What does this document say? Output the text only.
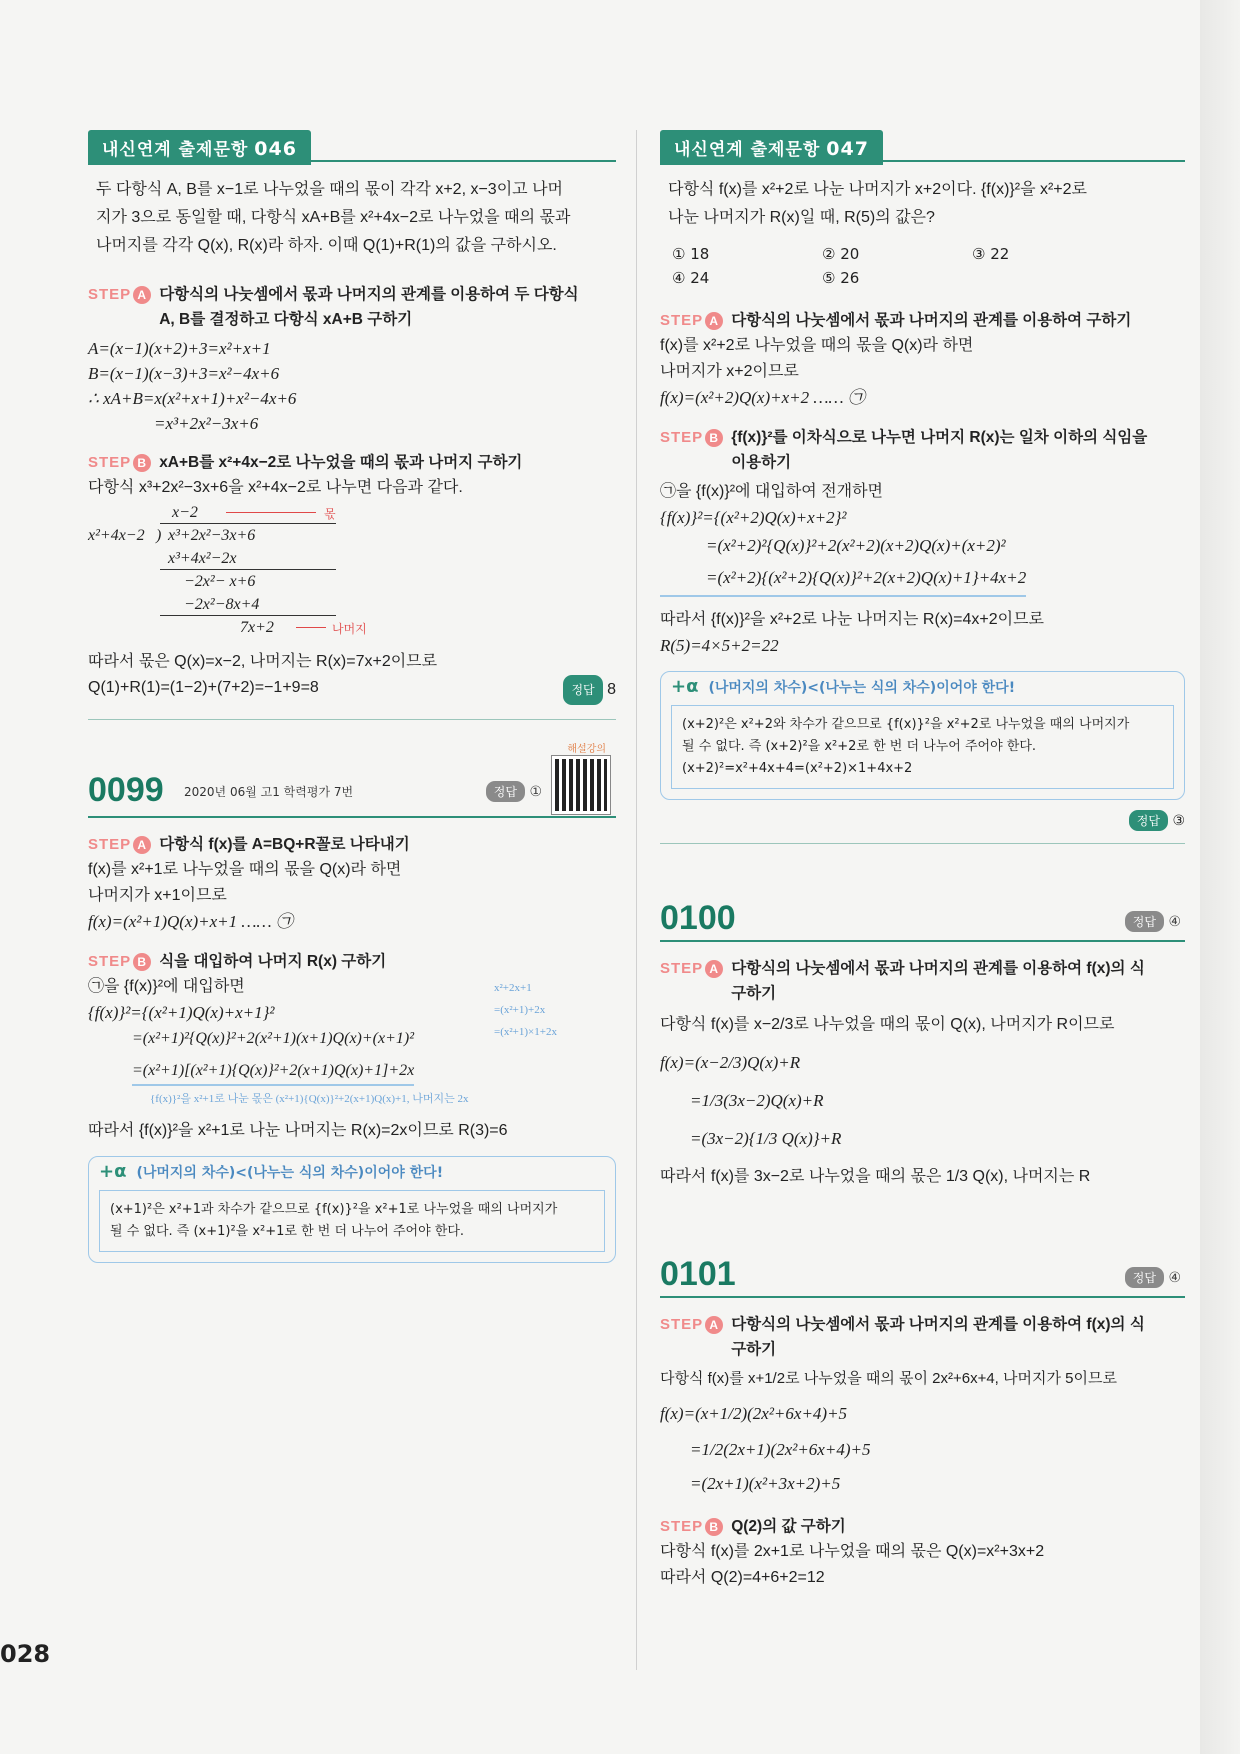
028
내신연계 출제문항 046
두 다항식 A, B를 x−1로 나누었을 때의 몫이 각각 x+2, x−3이고 나머
지가 3으로 동일할 때, 다항식 xA+B를 x²+4x−2로 나누었을 때의 몫과
나머지를 각각 Q(x), R(x)라 하자. 이때 Q(1)+R(1)의 값을 구하시오.
STEP A 다항식의 나눗셈에서 몫과 나머지의 관계를 이용하여 두 다항식
A, B를 결정하고 다항식 xA+B 구하기
A=(x−1)(x+2)+3=x²+x+1
B=(x−1)(x−3)+3=x²−4x+6
∴ xA+B=x(x²+x+1)+x²−4x+6
=x³+2x²−3x+6
STEP B xA+B를 x²+4x−2로 나누었을 때의 몫과 나머지 구하기
다항식 x³+2x²−3x+6을 x²+4x−2로 나누면 다음과 같다.
x−2	몫
x²+4x−2 ) x³+2x²−3x+6
x³+4x²−2x
−2x²− x+6
−2x²−8x+4
7x+2	나머지
따라서 몫은 Q(x)=x−2, 나머지는 R(x)=7x+2이므로
Q(1)+R(1)=(1−2)+(7+2)=−1+9=8	정답 8
0099 2020년 06월 고1 학력평가 7번	정답 ①
해설강의
STEP A 다항식 f(x)를 A=BQ+R꼴로 나타내기
f(x)를 x²+1로 나누었을 때의 몫을 Q(x)라 하면
나머지가 x+1이므로
f(x)=(x²+1)Q(x)+x+1 …… ㉠
STEP B 식을 대입하여 나머지 R(x) 구하기
㉠을 {f(x)}²에 대입하면
{f(x)}²={(x²+1)Q(x)+x+1}²
=(x²+1)²{Q(x)}²+2(x²+1)(x+1)Q(x)+(x+1)²
=(x²+1)[(x²+1){Q(x)}²+2(x+1)Q(x)+1]+2x
x²+2x+1
=(x²+1)+2x
=(x²+1)×1+2x
{f(x)}²을 x²+1로 나눈 몫은 (x²+1){Q(x)}²+2(x+1)Q(x)+1, 나머지는 2x
따라서 {f(x)}²을 x²+1로 나눈 나머지는 R(x)=2x이므로 R(3)=6
+α (나머지의 차수)<(나누는 식의 차수)이어야 한다!
(x+1)²은 x²+1과 차수가 같으므로 {f(x)}²을 x²+1로 나누었을 때의 나머지가
될 수 없다. 즉 (x+1)²을 x²+1로 한 번 더 나누어 주어야 한다.
내신연계 출제문항 047
다항식 f(x)를 x²+2로 나눈 나머지가 x+2이다. {f(x)}²을 x²+2로
나눈 나머지가 R(x)일 때, R(5)의 값은?
① 18	② 20	③ 22
④ 24	⑤ 26
STEP A 다항식의 나눗셈에서 몫과 나머지의 관계를 이용하여 구하기
f(x)를 x²+2로 나누었을 때의 몫을 Q(x)라 하면
나머지가 x+2이므로
f(x)=(x²+2)Q(x)+x+2 …… ㉠
STEP B {f(x)}²를 이차식으로 나누면 나머지 R(x)는 일차 이하의 식임을
이용하기
㉠을 {f(x)}²에 대입하여 전개하면
{f(x)}²={(x²+2)Q(x)+x+2}²
=(x²+2)²{Q(x)}²+2(x²+2)(x+2)Q(x)+(x+2)²
=(x²+2){(x²+2){Q(x)}²+2(x+2)Q(x)+1}+4x+2
따라서 {f(x)}²을 x²+2로 나눈 나머지는 R(x)=4x+2이므로
R(5)=4×5+2=22
+α (나머지의 차수)<(나누는 식의 차수)이어야 한다!
(x+2)²은 x²+2와 차수가 같으므로 {f(x)}²을 x²+2로 나누었을 때의 나머지가
될 수 없다. 즉 (x+2)²을 x²+2로 한 번 더 나누어 주어야 한다.
(x+2)²=x²+4x+4=(x²+2)×1+4x+2
정답 ③
0100	정답 ④
STEP A 다항식의 나눗셈에서 몫과 나머지의 관계를 이용하여 f(x)의 식
구하기
다항식 f(x)를 x−2/3로 나누었을 때의 몫이 Q(x), 나머지가 R이므로
f(x)=(x−2/3)Q(x)+R
=1/3(3x−2)Q(x)+R
=(3x−2){1/3 Q(x)}+R
따라서 f(x)를 3x−2로 나누었을 때의 몫은 1/3 Q(x), 나머지는 R
0101	정답 ④
STEP A 다항식의 나눗셈에서 몫과 나머지의 관계를 이용하여 f(x)의 식
구하기
다항식 f(x)를 x+1/2로 나누었을 때의 몫이 2x²+6x+4, 나머지가 5이므로
f(x)=(x+1/2)(2x²+6x+4)+5
=1/2(2x+1)(2x²+6x+4)+5
=(2x+1)(x²+3x+2)+5
STEP B Q(2)의 값 구하기
다항식 f(x)를 2x+1로 나누었을 때의 몫은 Q(x)=x²+3x+2
따라서 Q(2)=4+6+2=12
